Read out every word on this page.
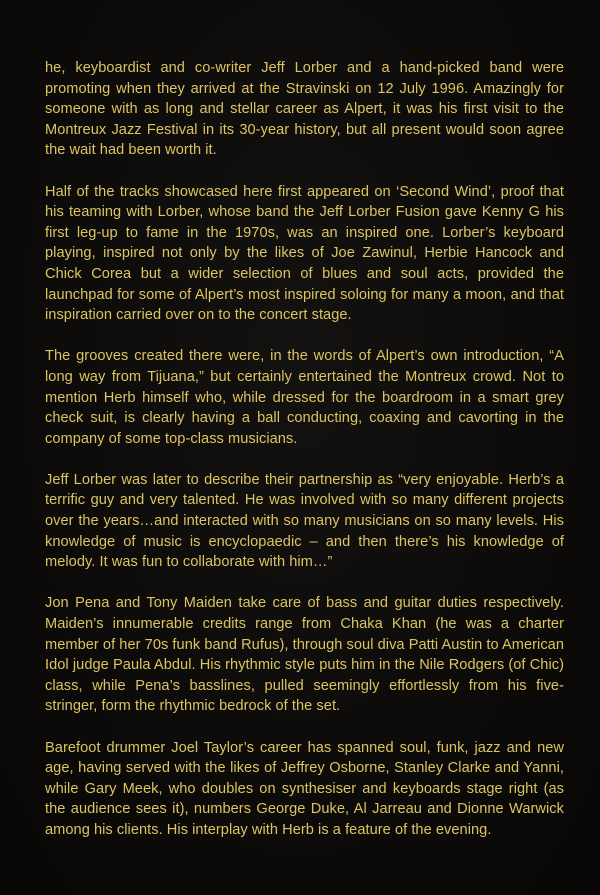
he, keyboardist and co-writer Jeff Lorber and a hand-picked band were promoting when they arrived at the Stravinski on 12 July 1996. Amazingly for someone with as long and stellar career as Alpert, it was his first visit to the Montreux Jazz Festival in its 30-year history, but all present would soon agree the wait had been worth it.

Half of the tracks showcased here first appeared on ‘Second Wind’, proof that his teaming with Lorber, whose band the Jeff Lorber Fusion gave Kenny G his first leg-up to fame in the 1970s, was an inspired one. Lorber’s keyboard playing, inspired not only by the likes of Joe Zawinul, Herbie Hancock and Chick Corea but a wider selection of blues and soul acts, provided the launchpad for some of Alpert’s most inspired soloing for many a moon, and that inspiration carried over on to the concert stage.

The grooves created there were, in the words of Alpert’s own introduction, “A long way from Tijuana,” but certainly entertained the Montreux crowd. Not to mention Herb himself who, while dressed for the boardroom in a smart grey check suit, is clearly having a ball conducting, coaxing and cavorting in the company of some top-class musicians.

Jeff Lorber was later to describe their partnership as “very enjoyable. Herb’s a terrific guy and very talented. He was involved with so many different projects over the years…and interacted with so many musicians on so many levels. His knowledge of music is encyclopaedic – and then there’s his knowledge of melody. It was fun to collaborate with him…”

Jon Pena and Tony Maiden take care of bass and guitar duties respectively. Maiden’s innumerable credits range from Chaka Khan (he was a charter member of her 70s funk band Rufus), through soul diva Patti Austin to American Idol judge Paula Abdul. His rhythmic style puts him in the Nile Rodgers (of Chic) class, while Pena’s basslines, pulled seemingly effortlessly from his five-stringer, form the rhythmic bedrock of the set.

Barefoot drummer Joel Taylor’s career has spanned soul, funk, jazz and new age, having served with the likes of Jeffrey Osborne, Stanley Clarke and Yanni, while Gary Meek, who doubles on synthesiser and keyboards stage right (as the audience sees it), numbers George Duke, Al Jarreau and Dionne Warwick among his clients. His interplay with Herb is a feature of the evening.
